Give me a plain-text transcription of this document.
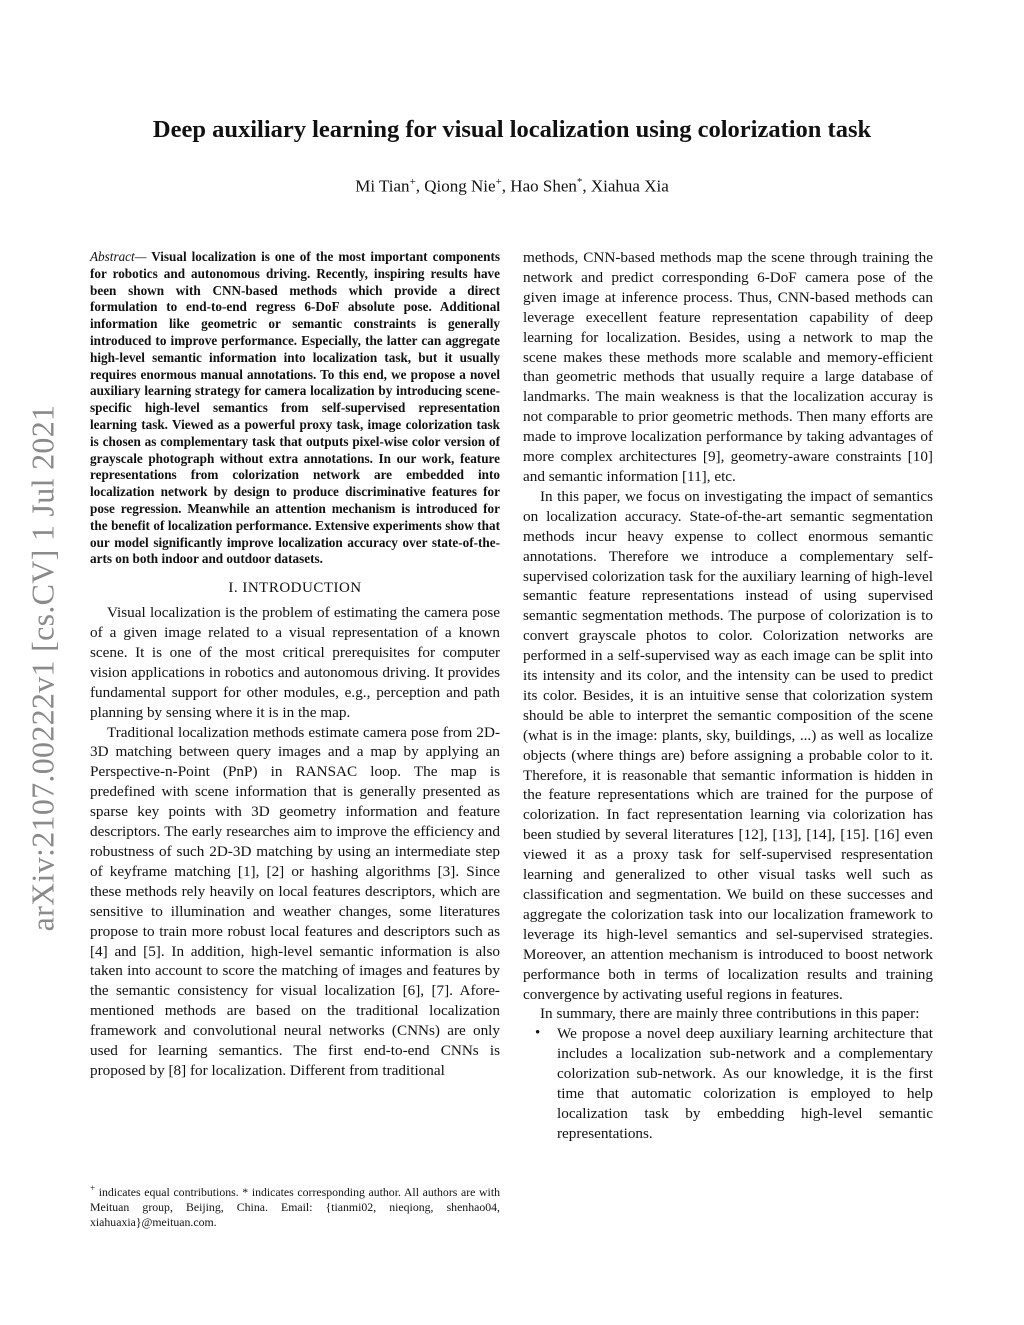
arXiv:2107.00222v1 [cs.CV] 1 Jul 2021
Deep auxiliary learning for visual localization using colorization task
Mi Tian+, Qiong Nie+, Hao Shen*, Xiahua Xia

Abstract— Visual localization is one of the most important components for robotics and autonomous driving. Recently, inspiring results have been shown with CNN-based methods which provide a direct formulation to end-to-end regress 6-DoF absolute pose. Additional information like geometric or semantic constraints is generally introduced to improve performance. Especially, the latter can aggregate high-level semantic information into localization task, but it usually requires enormous manual annotations. To this end, we propose a novel auxiliary learning strategy for camera localization by introducing scene-specific high-level semantics from self-supervised representation learning task. Viewed as a powerful proxy task, image colorization task is chosen as complementary task that outputs pixel-wise color version of grayscale photograph without extra annotations. In our work, feature representations from colorization network are embedded into localization network by design to produce discriminative features for pose regression. Meanwhile an attention mechanism is introduced for the benefit of localization performance. Extensive experiments show that our model significantly improve localization accuracy over state-of-the-arts on both indoor and outdoor datasets.

I. INTRODUCTION

Visual localization is the problem of estimating the camera pose of a given image related to a visual representation of a known scene. It is one of the most critical prerequisites for computer vision applications in robotics and autonomous driving. It provides fundamental support for other modules, e.g., perception and path planning by sensing where it is in the map.

Traditional localization methods estimate camera pose from 2D-3D matching between query images and a map by applying an Perspective-n-Point (PnP) in RANSAC loop. The map is predefined with scene information that is generally presented as sparse key points with 3D geometry information and feature descriptors. The early researches aim to improve the efficiency and robustness of such 2D-3D matching by using an intermediate step of keyframe matching [1], [2] or hashing algorithms [3]. Since these methods rely heavily on local features descriptors, which are sensitive to illumination and weather changes, some literatures propose to train more robust local features and descriptors such as [4] and [5]. In addition, high-level semantic information is also taken into account to score the matching of images and features by the semantic consistency for visual localization [6], [7]. Afore-mentioned methods are based on the traditional localization framework and convolutional neural networks (CNNs) are only used for learning semantics. The first end-to-end CNNs is proposed by [8] for localization. Different from traditional

methods, CNN-based methods map the scene through training the network and predict corresponding 6-DoF camera pose of the given image at inference process. Thus, CNN-based methods can leverage execellent feature representation capability of deep learning for localization. Besides, using a network to map the scene makes these methods more scalable and memory-efficient than geometric methods that usually require a large database of landmarks. The main weakness is that the localization accuray is not comparable to prior geometric methods. Then many efforts are made to improve localization performance by taking advantages of more complex architectures [9], geometry-aware constraints [10] and semantic information [11], etc.

In this paper, we focus on investigating the impact of semantics on localization accuracy. State-of-the-art semantic segmentation methods incur heavy expense to collect enormous semantic annotations. Therefore we introduce a complementary self-supervised colorization task for the auxiliary learning of high-level semantic feature representations instead of using supervised semantic segmentation methods. The purpose of colorization is to convert grayscale photos to color. Colorization networks are performed in a self-supervised way as each image can be split into its intensity and its color, and the intensity can be used to predict its color. Besides, it is an intuitive sense that colorization system should be able to interpret the semantic composition of the scene (what is in the image: plants, sky, buildings, ...) as well as localize objects (where things are) before assigning a probable color to it. Therefore, it is reasonable that semantic information is hidden in the feature representations which are trained for the purpose of colorization. In fact representation learning via colorization has been studied by several literatures [12], [13], [14], [15]. [16] even viewed it as a proxy task for self-supervised respresentation learning and generalized to other visual tasks well such as classification and segmentation. We build on these successes and aggregate the colorization task into our localization framework to leverage its high-level semantics and sel-supervised strategies. Moreover, an attention mechanism is introduced to boost network performance both in terms of localization results and training convergence by activating useful regions in features.

In summary, there are mainly three contributions in this paper:

• We propose a novel deep auxiliary learning architecture that includes a localization sub-network and a complementary colorization sub-network. As our knowledge, it is the first time that automatic colorization is employed to help localization task by embedding high-level semantic representations.

+ indicates equal contributions. * indicates corresponding author. All authors are with Meituan group, Beijing, China. Email: {tianmi02, nieqiong, shenhao04, xiahuaxia}@meituan.com.
